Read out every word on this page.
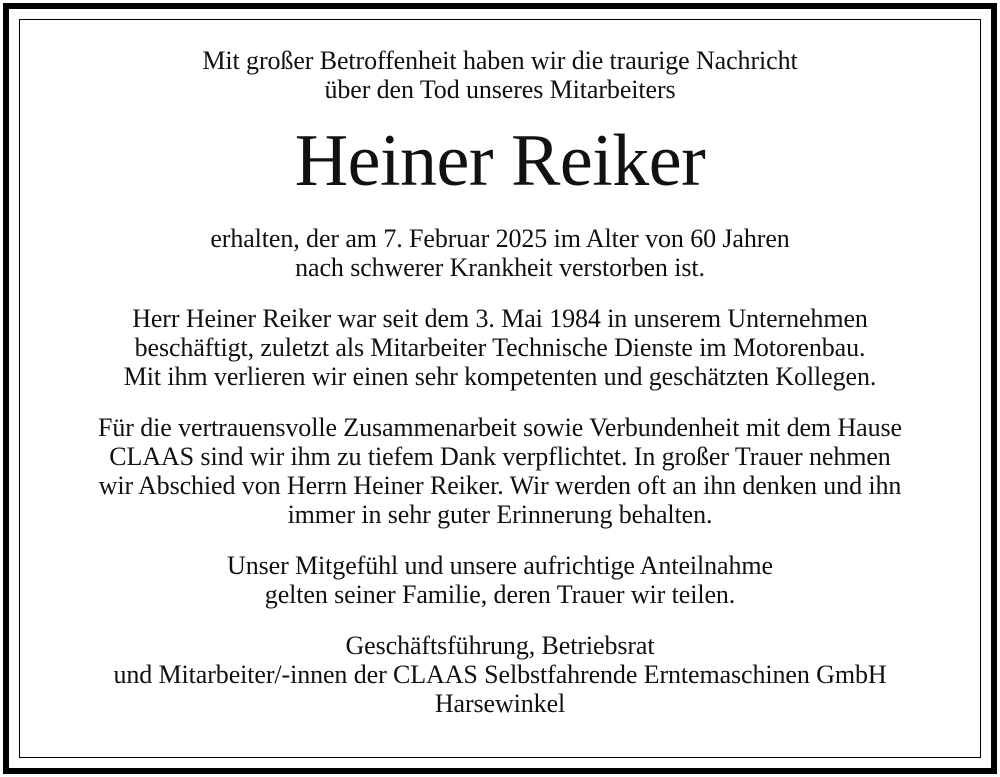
Mit großer Betroffenheit haben wir die traurige Nachricht
über den Tod unseres Mitarbeiters
Heiner Reiker
erhalten, der am 7. Februar 2025 im Alter von 60 Jahren
nach schwerer Krankheit verstorben ist.
Herr Heiner Reiker war seit dem 3. Mai 1984 in unserem Unternehmen
beschäftigt, zuletzt als Mitarbeiter Technische Dienste im Motorenbau.
Mit ihm verlieren wir einen sehr kompetenten und geschätzten Kollegen.
Für die vertrauensvolle Zusammenarbeit sowie Verbundenheit mit dem Hause
CLAAS sind wir ihm zu tiefem Dank verpflichtet. In großer Trauer nehmen
wir Abschied von Herrn Heiner Reiker. Wir werden oft an ihn denken und ihn
immer in sehr guter Erinnerung behalten.
Unser Mitgefühl und unsere aufrichtige Anteilnahme
gelten seiner Familie, deren Trauer wir teilen.
Geschäftsführung, Betriebsrat
und Mitarbeiter/-innen der CLAAS Selbstfahrende Erntemaschinen GmbH
Harsewinkel
